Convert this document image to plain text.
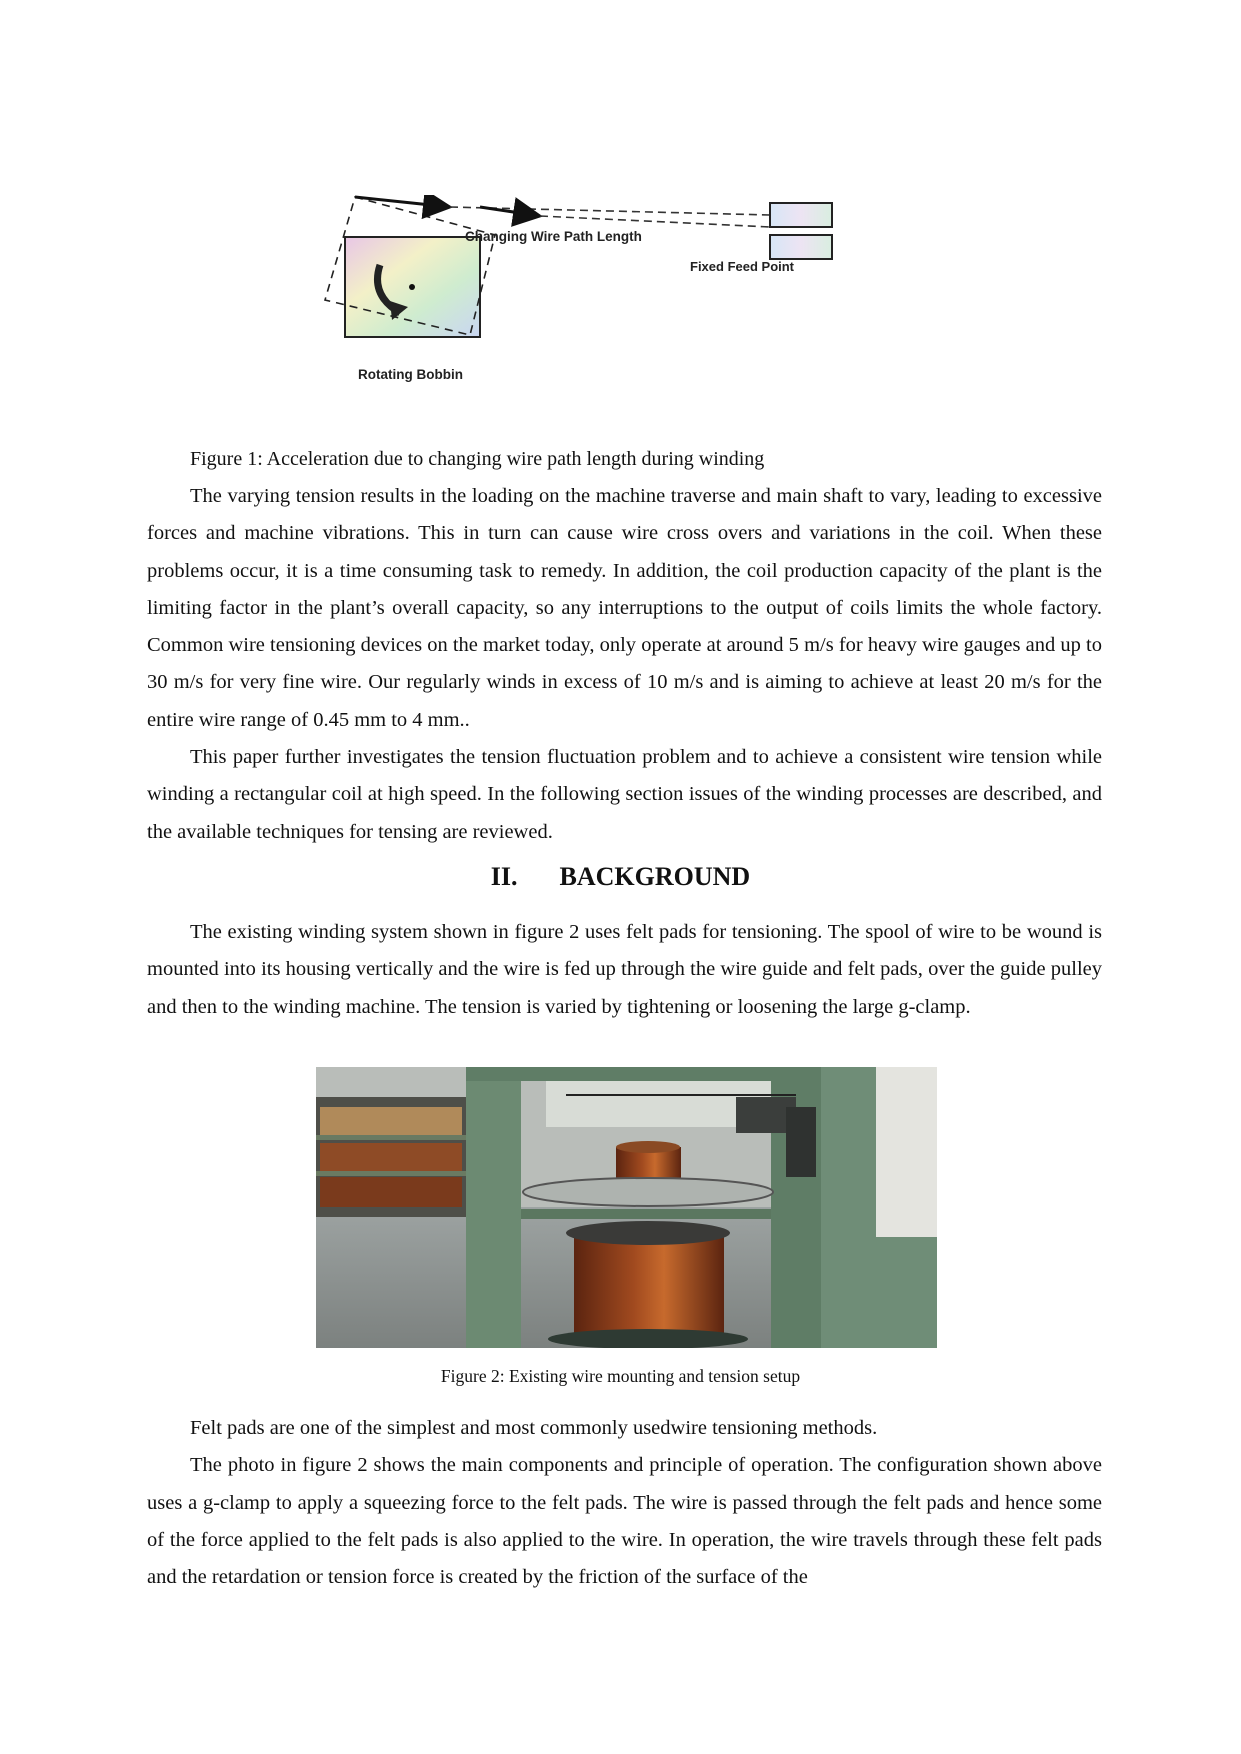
Changing Wire Path Length
Fixed Feed Point
Rotating Bobbin
Figure 1: Acceleration due to changing wire path length during winding

The varying tension results in the loading on the machine traverse and main shaft to vary, leading to excessive forces and machine vibrations. This in turn can cause wire cross overs and variations in the coil. When these problems occur, it is a time consuming task to remedy. In addition, the coil production capacity of the plant is the limiting factor in the plant’s overall capacity, so any interruptions to the output of coils limits the whole factory. Common wire tensioning devices on the market today, only operate at around 5 m/s for heavy wire gauges and up to 30 m/s for very fine wire. Our regularly winds in excess of 10 m/s and is aiming to achieve at least 20 m/s for the entire wire range of 0.45 mm to 4 mm..

This paper further investigates the tension fluctuation problem and to achieve a consistent wire tension while winding a rectangular coil at high speed. In the following section issues of the winding processes are described, and the available techniques for tensing are reviewed.

II. BACKGROUND

The existing winding system shown in figure 2 uses felt pads for tensioning. The spool of wire to be wound is mounted into its housing vertically and the wire is fed up through the wire guide and felt pads, over the guide pulley and then to the winding machine. The tension is varied by tightening or loosening the large g-clamp.

Figure 2: Existing wire mounting and tension setup

Felt pads are one of the simplest and most commonly usedwire tensioning methods.

The photo in figure 2 shows the main components and principle of operation. The configuration shown above uses a g-clamp to apply a squeezing force to the felt pads. The wire is passed through the felt pads and hence some of the force applied to the felt pads is also applied to the wire. In operation, the wire travels through these felt pads and the retardation or tension force is created by the friction of the surface of the
